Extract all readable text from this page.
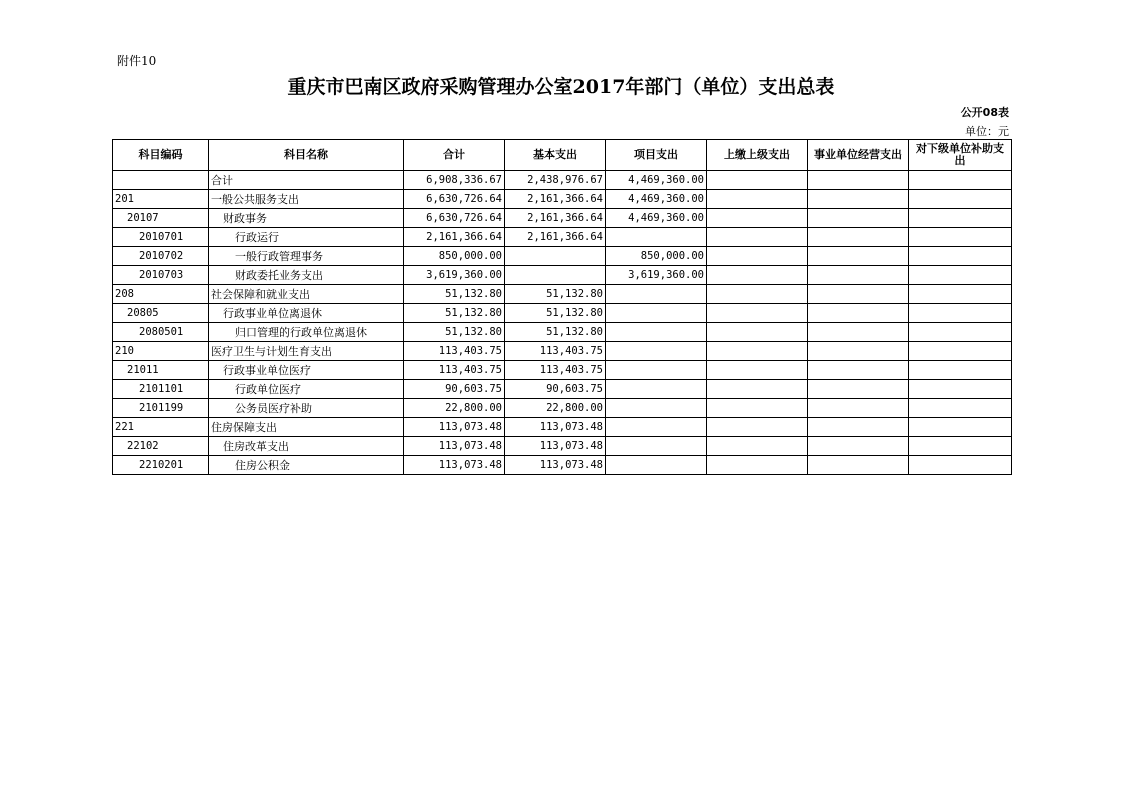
附件10
重庆市巴南区政府采购管理办公室2017年部门（单位）支出总表
公开08表
单位：元
科目编码	科目名称	合计	基本支出	项目支出	上缴上级支出	事业单位经营支出	对下级单位补助支出
	合计	6,908,336.67	2,438,976.67	4,469,360.00			
201	一般公共服务支出	6,630,726.64	2,161,366.64	4,469,360.00			
20107	财政事务	6,630,726.64	2,161,366.64	4,469,360.00			
2010701	行政运行	2,161,366.64	2,161,366.64				
2010702	一般行政管理事务	850,000.00		850,000.00			
2010703	财政委托业务支出	3,619,360.00		3,619,360.00			
208	社会保障和就业支出	51,132.80	51,132.80				
20805	行政事业单位离退休	51,132.80	51,132.80				
2080501	归口管理的行政单位离退休	51,132.80	51,132.80				
210	医疗卫生与计划生育支出	113,403.75	113,403.75				
21011	行政事业单位医疗	113,403.75	113,403.75				
2101101	行政单位医疗	90,603.75	90,603.75				
2101199	公务员医疗补助	22,800.00	22,800.00				
221	住房保障支出	113,073.48	113,073.48				
22102	住房改革支出	113,073.48	113,073.48				
2210201	住房公积金	113,073.48	113,073.48				
